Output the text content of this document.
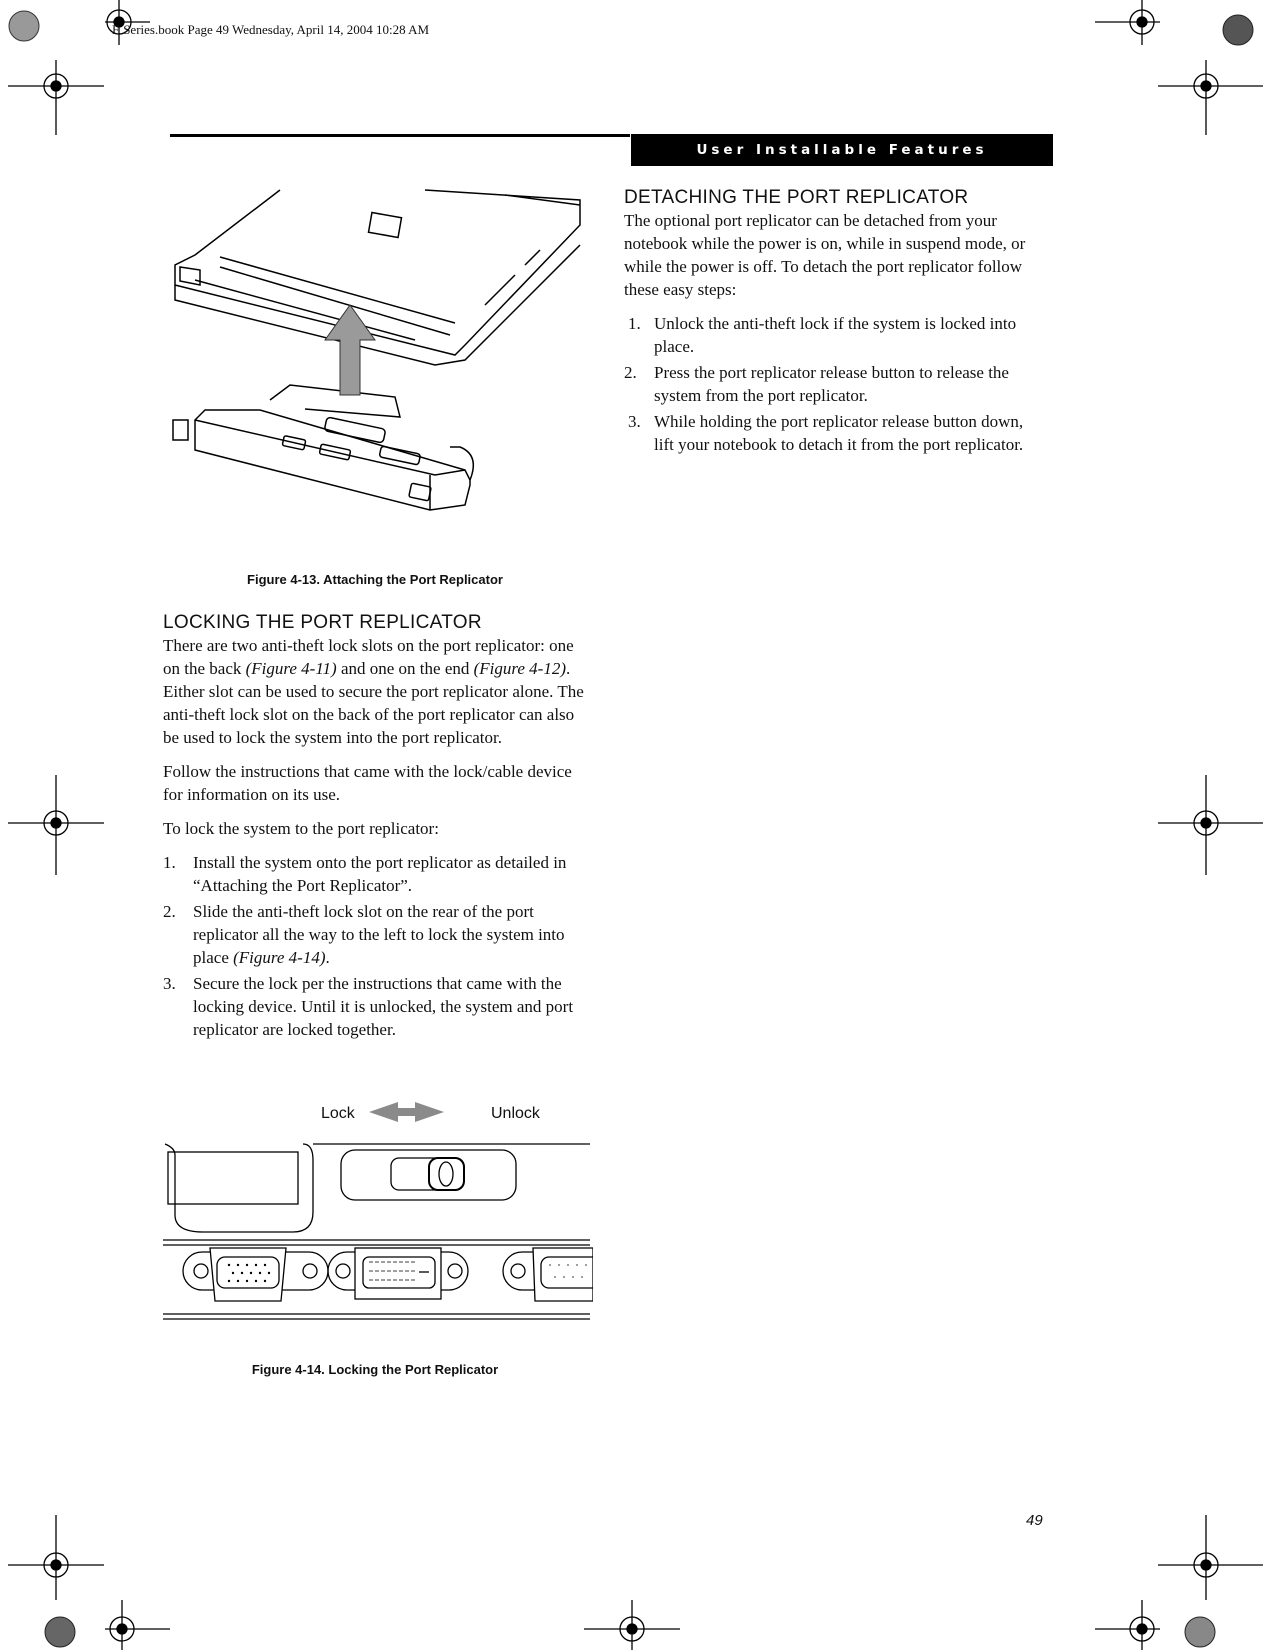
E Series.book Page 49 Wednesday, April 14, 2004 10:28 AM
User Installable Features
Figure 4-13. Attaching the Port Replicator
LOCKING THE PORT REPLICATOR

There are two anti-theft lock slots on the port replicator: one on the back (Figure 4-11) and one on the end (Figure 4-12). Either slot can be used to secure the port replicator alone. The anti-theft lock slot on the back of the port replicator can also be used to lock the system into the port replicator.

Follow the instructions that came with the lock/cable device for information on its use.

To lock the system to the port replicator:

1. Install the system onto the port replicator as detailed in “Attaching the Port Replicator”.
2. Slide the anti-theft lock slot on the rear of the port replicator all the way to the left to lock the system into place (Figure 4-14).
3. Secure the lock per the instructions that came with the locking device. Until it is unlocked, the system and port replicator are locked together.
Lock	Unlock
Figure 4-14. Locking the Port Replicator
DETACHING THE PORT REPLICATOR

The optional port replicator can be detached from your notebook while the power is on, while in suspend mode, or while the power is off. To detach the port replicator follow these easy steps:

1. Unlock the anti-theft lock if the system is locked into place.
2. Press the port replicator release button to release the system from the port replicator.
3. While holding the port replicator release button down, lift your notebook to detach it from the port replicator.
49
